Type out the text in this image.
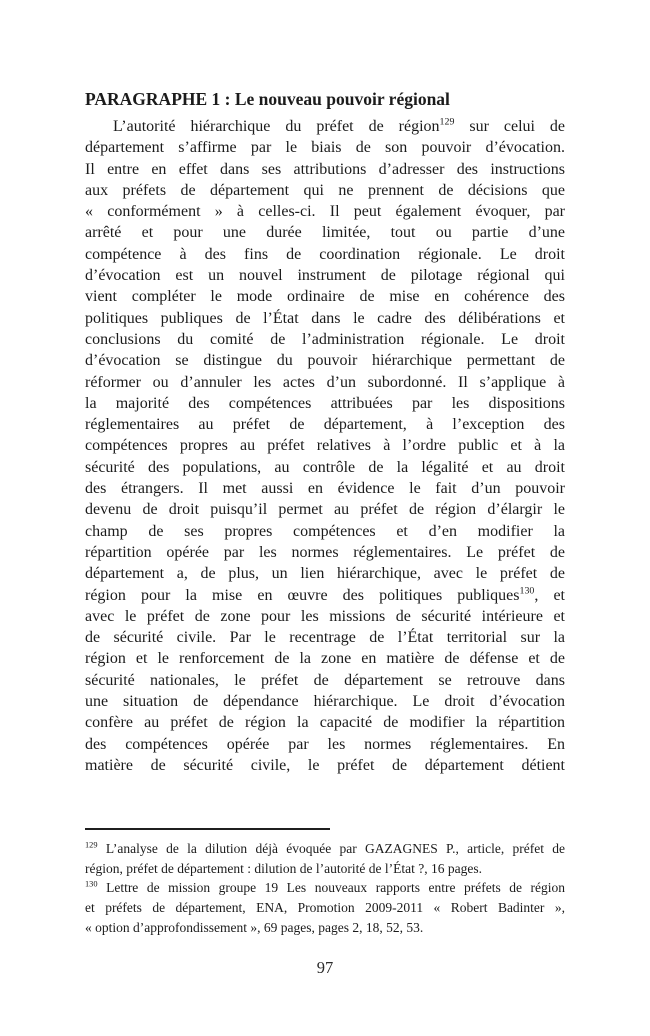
PARAGRAPHE 1 : Le nouveau pouvoir régional
L’autorité hiérarchique du préfet de région$^{129}$ sur celui de
département s’affirme par le biais de son pouvoir d’évocation.
Il entre en effet dans ses attributions d’adresser des instructions
aux préfets de département qui ne prennent de décisions que
« conformément » à celles-ci. Il peut également évoquer, par
arrêté et pour une durée limitée, tout ou partie d’une
compétence à des fins de coordination régionale. Le droit
d’évocation est un nouvel instrument de pilotage régional qui
vient compléter le mode ordinaire de mise en cohérence des
politiques publiques de l’État dans le cadre des délibérations et
conclusions du comité de l’administration régionale. Le droit
d’évocation se distingue du pouvoir hiérarchique permettant de
réformer ou d’annuler les actes d’un subordonné. Il s’applique à
la majorité des compétences attribuées par les dispositions
réglementaires au préfet de département, à l’exception des
compétences propres au préfet relatives à l’ordre public et à la
sécurité des populations, au contrôle de la légalité et au droit
des étrangers. Il met aussi en évidence le fait d’un pouvoir
devenu de droit puisqu’il permet au préfet de région d’élargir le
champ de ses propres compétences et d’en modifier la
répartition opérée par les normes réglementaires. Le préfet de
département a, de plus, un lien hiérarchique, avec le préfet de
région pour la mise en œuvre des politiques publiques$^{130}$, et
avec le préfet de zone pour les missions de sécurité intérieure et
de sécurité civile. Par le recentrage de l’État territorial sur la
région et le renforcement de la zone en matière de défense et de
sécurité nationales, le préfet de département se retrouve dans
une situation de dépendance hiérarchique. Le droit d’évocation
confère au préfet de région la capacité de modifier la répartition
des compétences opérée par les normes réglementaires. En
matière de sécurité civile, le préfet de département détient
$^{129}$ L’analyse de la dilution déjà évoquée par GAZAGNES P., article, préfet de
région, préfet de département : dilution de l’autorité de l’État ?, 16 pages.
$^{130}$ Lettre de mission groupe 19 Les nouveaux rapports entre préfets de région
et préfets de département, ENA, Promotion 2009-2011 « Robert Badinter »,
« option d’approfondissement », 69 pages, pages 2, 18, 52, 53.
97
